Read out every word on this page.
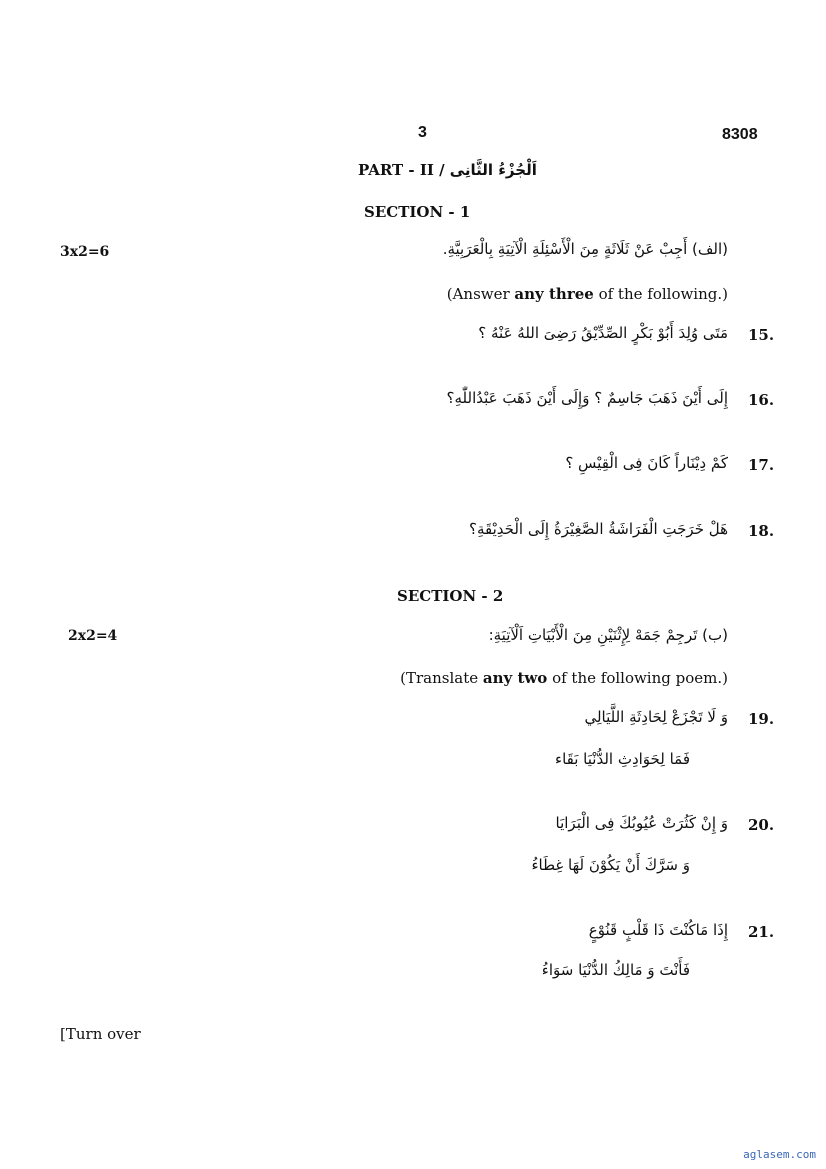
3	8308
PART - II / اَلْجُزْءُ الثَّانِى
SECTION - 1
3x2=6	(الف) أَجِبْ عَنْ ثَلَاثَةٍ مِنَ الْأَسْئِلَةِ الْآتِيَةِ بِالْعَرَبِيَّةِ.
(Answer any three of the following.)
15.
مَتَى وُلِدَ أَبُوْ بَكْرٍ الصِّدِّيْقُ رَضِىَ اللهُ عَنْهُ ؟
16.
إِلَى أَيْنَ ذَهَبَ جَاسِمٌ ؟ وَإِلَى أَيْنَ ذَهَبَ عَبْدُاللّٰهِ؟
17.
كَمْ دِيْنَاراً كَانَ فِى الْقِيْسِ ؟
18.
هَلْ خَرَجَتِ الْفَرَاشَةُ الصَّغِيْرَةُ إِلَى الْحَدِيْقَةِ؟
SECTION - 2
2x2=4	(ب) تَرجِمْ جَمَهْ لِإِثْنَيْنِ مِنَ الْأَبْيَاتِ اَلْآتِيَةِ:
(Translate any two of the following poem.)
19.
وَ لَا تَجْزَعْ لِحَادِثَةِ اللَّيَالِي
فَمَا لِحَوَادِثِ الدُّنْيَا بَقَاء
20.
وَ إِنْ كَثُرَتْ عُيُوبُكَ فِى الْبَرَايَا
وَ سَرَّكَ أَنْ يَكُوْنَ لَهَا غِطَاءُ
21.
إِذَا مَاكُنْتَ ذَا قَلْبٍ قَنُوْعٍ
فَأَنْتَ وَ مَالِكُ الدُّنْيَا سَوَاءُ
[Turn over
aglasem.com
